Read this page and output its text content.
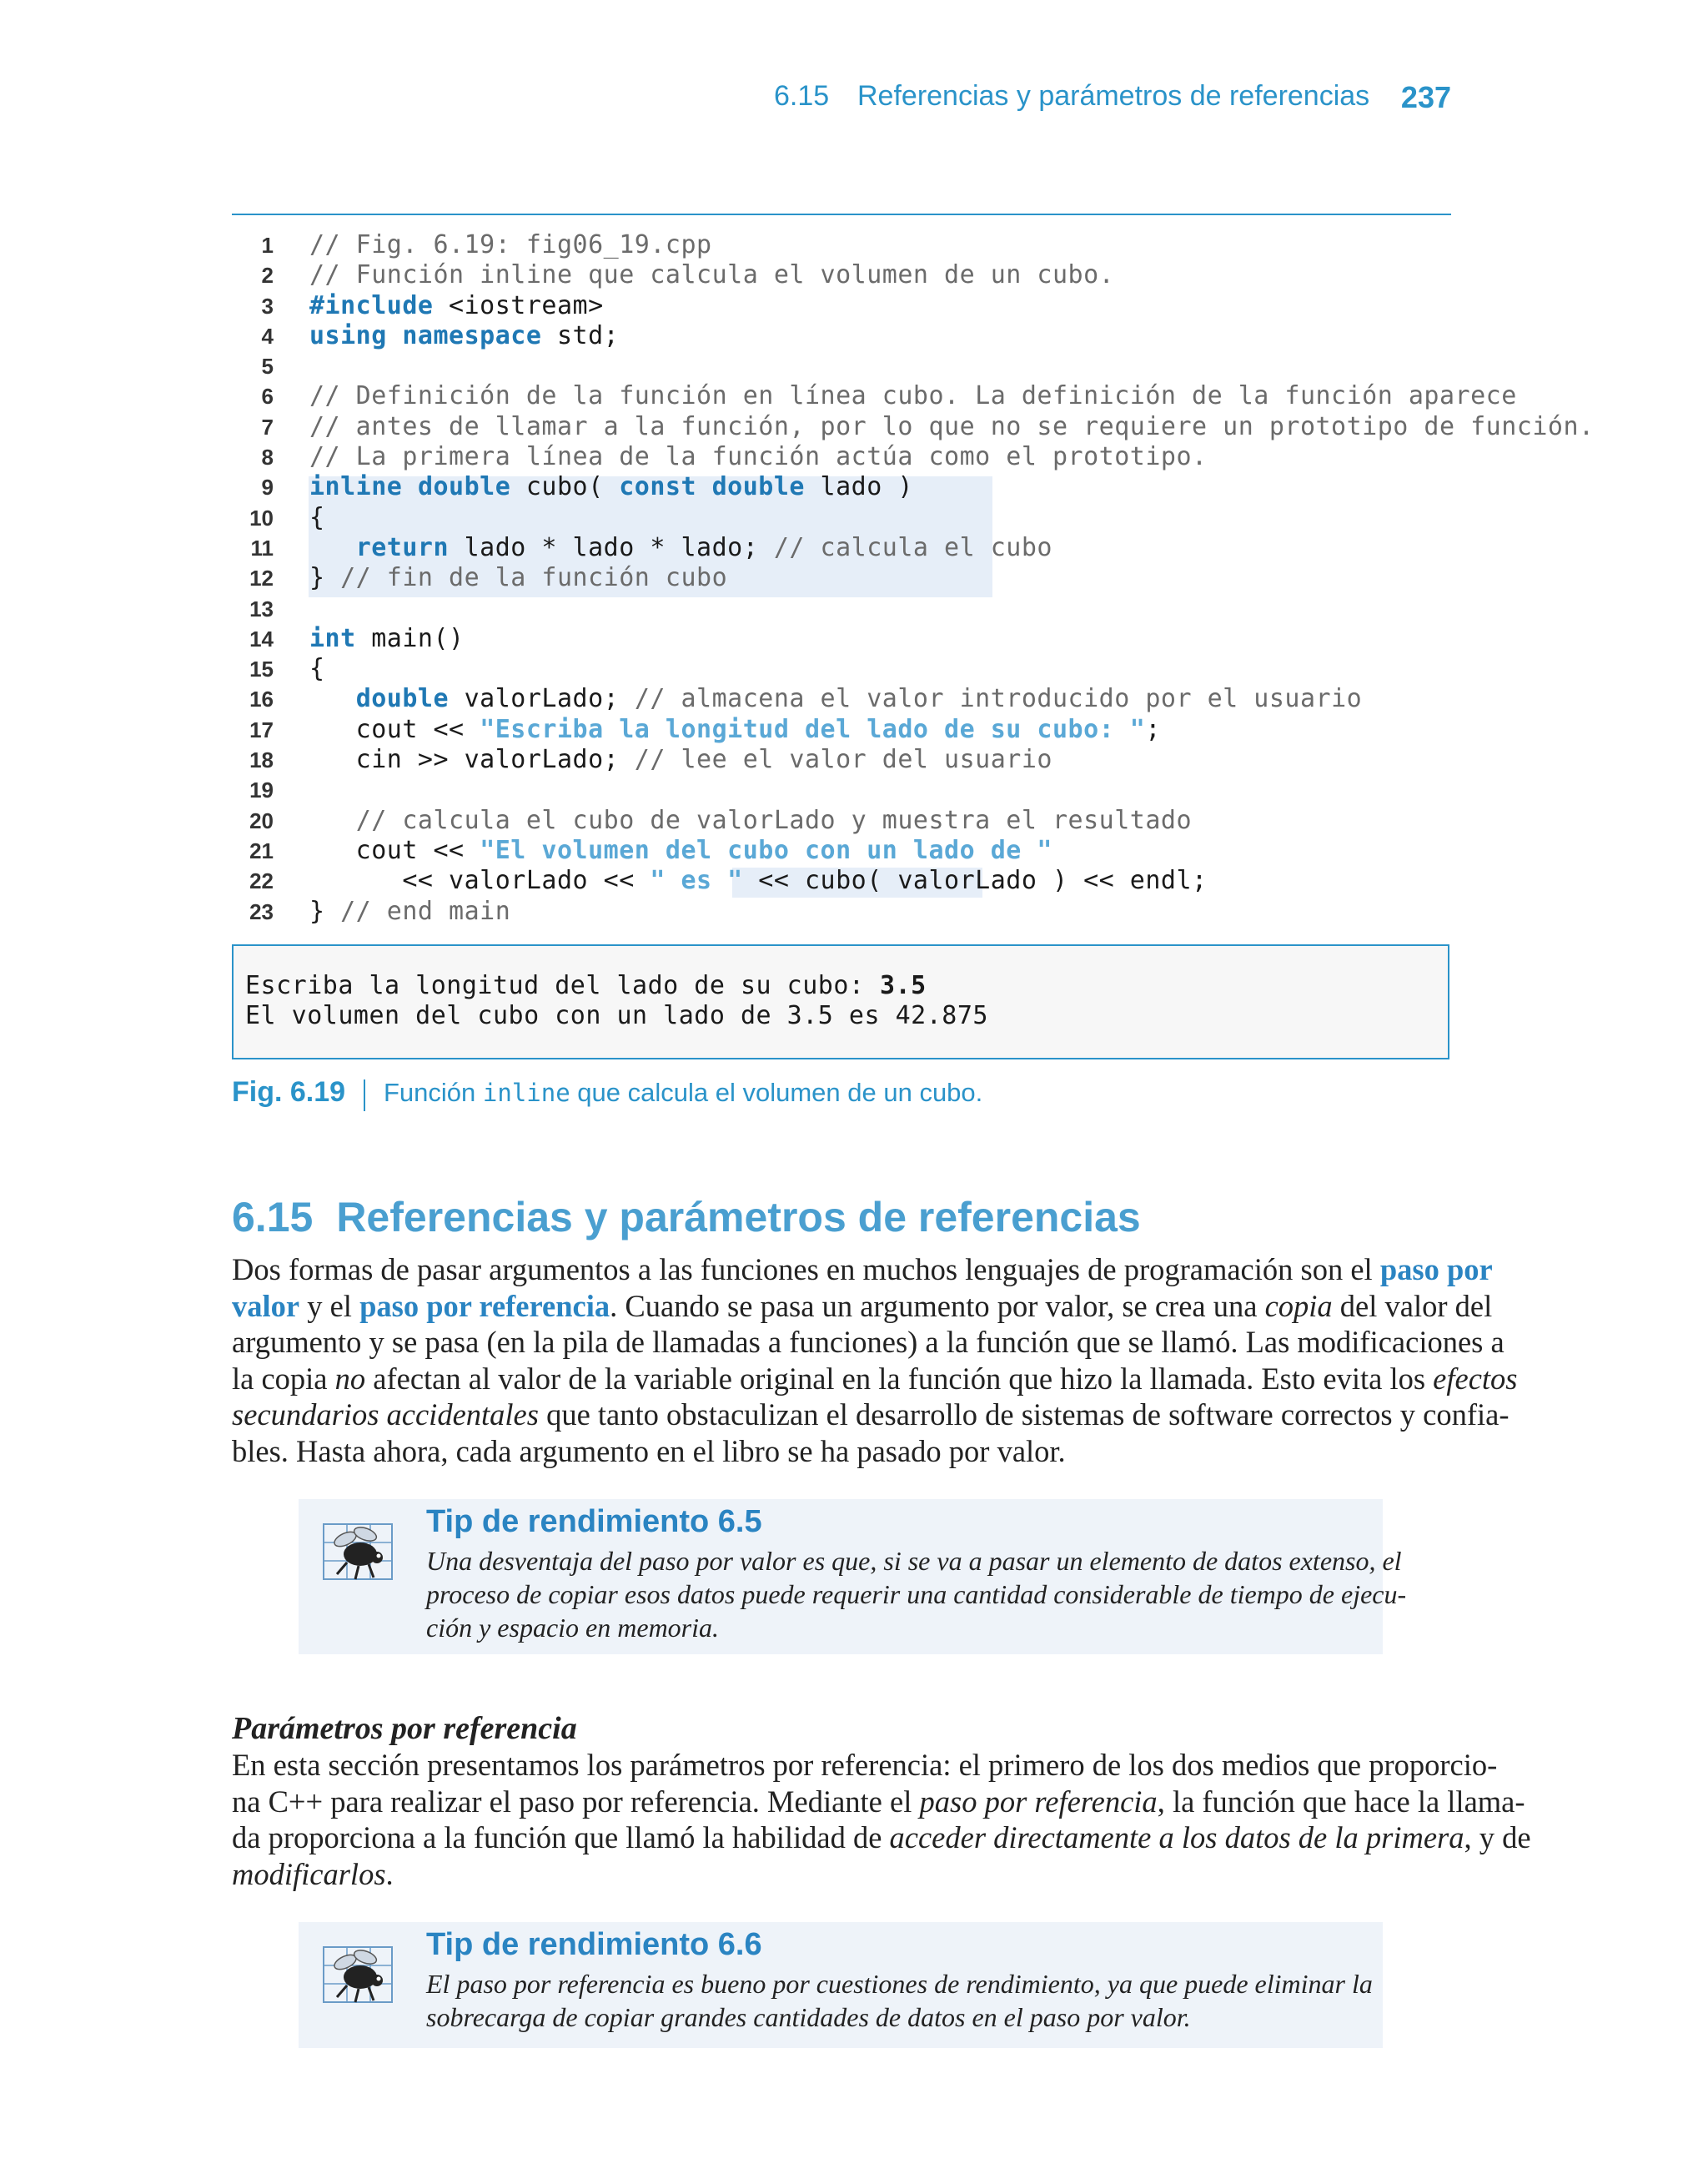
6.15 Referencias y parámetros de referencias 237
1 // Fig. 6.19: fig06_19.cpp
2 // Función inline que calcula el volumen de un cubo.
3 #include <iostream>
4 using namespace std;
5
6 // Definición de la función en línea cubo. La definición de la función aparece
7 // antes de llamar a la función, por lo que no se requiere un prototipo de función.
8 // La primera línea de la función actúa como el prototipo.
9 inline double cubo( const double lado )
10 {
11	return lado * lado * lado; // calcula el cubo
12 } // fin de la función cubo
13
14 int main()
15 {
16	double valorLado; // almacena el valor introducido por el usuario
17 cout << "Escriba la longitud del lado de su cubo: ";
18 cin >> valorLado; // lee el valor del usuario
19
20	// calcula el cubo de valorLado y muestra el resultado
21 cout << "El volumen del cubo con un lado de "
22 << valorLado << " es " << cubo( valorLado ) << endl;
23 } // end main
Escriba la longitud del lado de su cubo: 3.5
El volumen del cubo con un lado de 3.5 es 42.875
Fig. 6.19 Función inline que calcula el volumen de un cubo.
6.15 Referencias y parámetros de referencias
Dos formas de pasar argumentos a las funciones en muchos lenguajes de programación son el paso por
valor y el paso por referencia. Cuando se pasa un argumento por valor, se crea una copia del valor del
argumento y se pasa (en la pila de llamadas a funciones) a la función que se llamó. Las modificaciones a
la copia no afectan al valor de la variable original en la función que hizo la llamada. Esto evita los efectos
secundarios accidentales que tanto obstaculizan el desarrollo de sistemas de software correctos y confia-
bles. Hasta ahora, cada argumento en el libro se ha pasado por valor.
Tip de rendimiento 6.5
Una desventaja del paso por valor es que, si se va a pasar un elemento de datos extenso, el
proceso de copiar esos datos puede requerir una cantidad considerable de tiempo de ejecu-
ción y espacio en memoria.
Parámetros por referencia
En esta sección presentamos los parámetros por referencia: el primero de los dos medios que proporcio-
na C++ para realizar el paso por referencia. Mediante el paso por referencia, la función que hace la llama-
da proporciona a la función que llamó la habilidad de acceder directamente a los datos de la primera, y de
modificarlos.
Tip de rendimiento 6.6
El paso por referencia es bueno por cuestiones de rendimiento, ya que puede eliminar la
sobrecarga de copiar grandes cantidades de datos en el paso por valor.
